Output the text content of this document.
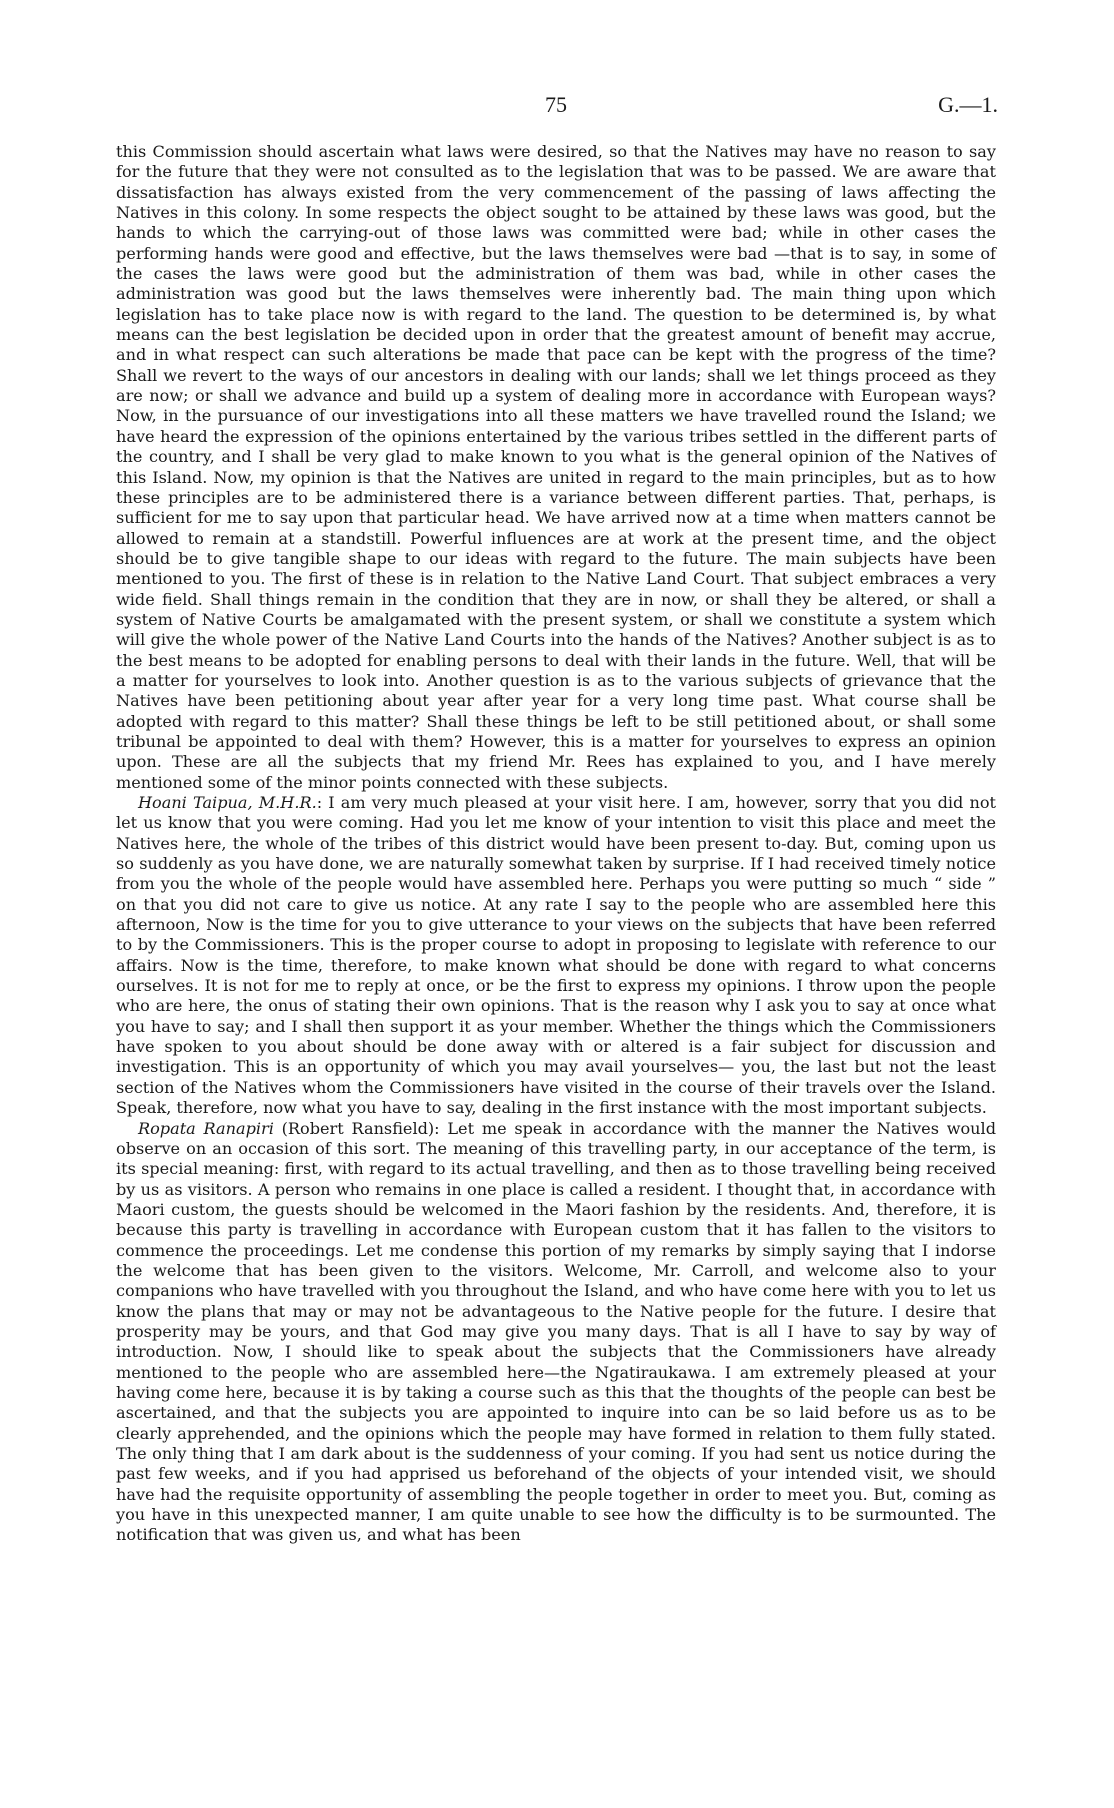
75	G.—1.

this Commission should ascertain what laws were desired, so that the Natives may have no reason to say for the future that they were not consulted as to the legislation that was to be passed. We are aware that dissatisfaction has always existed from the very commencement of the passing of laws affecting the Natives in this colony. In some respects the object sought to be attained by these laws was good, but the hands to which the carrying-out of those laws was committed were bad; while in other cases the performing hands were good and effective, but the laws themselves were bad —that is to say, in some of the cases the laws were good but the administration of them was bad, while in other cases the administration was good but the laws themselves were inherently bad. The main thing upon which legislation has to take place now is with regard to the land. The question to be determined is, by what means can the best legislation be decided upon in order that the greatest amount of benefit may accrue, and in what respect can such alterations be made that pace can be kept with the progress of the time? Shall we revert to the ways of our ancestors in dealing with our lands; shall we let things proceed as they are now; or shall we advance and build up a system of dealing more in accordance with European ways? Now, in the pursuance of our investigations into all these matters we have travelled round the Island; we have heard the expression of the opinions entertained by the various tribes settled in the different parts of the country, and I shall be very glad to make known to you what is the general opinion of the Natives of this Island. Now, my opinion is that the Natives are united in regard to the main principles, but as to how these principles are to be administered there is a variance between different parties. That, perhaps, is sufficient for me to say upon that particular head. We have arrived now at a time when matters cannot be allowed to remain at a standstill. Powerful influences are at work at the present time, and the object should be to give tangible shape to our ideas with regard to the future. The main subjects have been mentioned to you. The first of these is in relation to the Native Land Court. That subject embraces a very wide field. Shall things remain in the condition that they are in now, or shall they be altered, or shall a system of Native Courts be amalgamated with the present system, or shall we constitute a system which will give the whole power of the Native Land Courts into the hands of the Natives? Another subject is as to the best means to be adopted for enabling persons to deal with their lands in the future. Well, that will be a matter for yourselves to look into. Another question is as to the various subjects of grievance that the Natives have been petitioning about year after year for a very long time past. What course shall be adopted with regard to this matter? Shall these things be left to be still petitioned about, or shall some tribunal be appointed to deal with them? However, this is a matter for yourselves to express an opinion upon. These are all the subjects that my friend Mr. Rees has explained to you, and I have merely mentioned some of the minor points connected with these subjects.

Hoani Taipua, M.H.R.: I am very much pleased at your visit here. I am, however, sorry that you did not let us know that you were coming. Had you let me know of your intention to visit this place and meet the Natives here, the whole of the tribes of this district would have been present to-day. But, coming upon us so suddenly as you have done, we are naturally somewhat taken by surprise. If I had received timely notice from you the whole of the people would have assembled here. Perhaps you were putting so much “ side ” on that you did not care to give us notice. At any rate I say to the people who are assembled here this afternoon, Now is the time for you to give utterance to your views on the subjects that have been referred to by the Commissioners. This is the proper course to adopt in proposing to legislate with reference to our affairs. Now is the time, therefore, to make known what should be done with regard to what concerns ourselves. It is not for me to reply at once, or be the first to express my opinions. I throw upon the people who are here, the onus of stating their own opinions. That is the reason why I ask you to say at once what you have to say; and I shall then support it as your member. Whether the things which the Commissioners have spoken to you about should be done away with or altered is a fair subject for discussion and investigation. This is an opportunity of which you may avail yourselves— you, the last but not the least section of the Natives whom the Commissioners have visited in the course of their travels over the Island. Speak, therefore, now what you have to say, dealing in the first instance with the most important subjects.

Ropata Ranapiri (Robert Ransfield): Let me speak in accordance with the manner the Natives would observe on an occasion of this sort. The meaning of this travelling party, in our acceptance of the term, is its special meaning: first, with regard to its actual travelling, and then as to those travelling being received by us as visitors. A person who remains in one place is called a resident. I thought that, in accordance with Maori custom, the guests should be welcomed in the Maori fashion by the residents. And, therefore, it is because this party is travelling in accordance with European custom that it has fallen to the visitors to commence the proceedings. Let me condense this portion of my remarks by simply saying that I indorse the welcome that has been given to the visitors. Welcome, Mr. Carroll, and welcome also to your companions who have travelled with you throughout the Island, and who have come here with you to let us know the plans that may or may not be advantageous to the Native people for the future. I desire that prosperity may be yours, and that God may give you many days. That is all I have to say by way of introduction. Now, I should like to speak about the subjects that the Commissioners have already mentioned to the people who are assembled here—the Ngatiraukawa. I am extremely pleased at your having come here, because it is by taking a course such as this that the thoughts of the people can best be ascertained, and that the subjects you are appointed to inquire into can be so laid before us as to be clearly apprehended, and the opinions which the people may have formed in relation to them fully stated. The only thing that I am dark about is the suddenness of your coming. If you had sent us notice during the past few weeks, and if you had apprised us beforehand of the objects of your intended visit, we should have had the requisite opportunity of assembling the people together in order to meet you. But, coming as you have in this unexpected manner, I am quite unable to see how the difficulty is to be surmounted. The notification that was given us, and what has been
